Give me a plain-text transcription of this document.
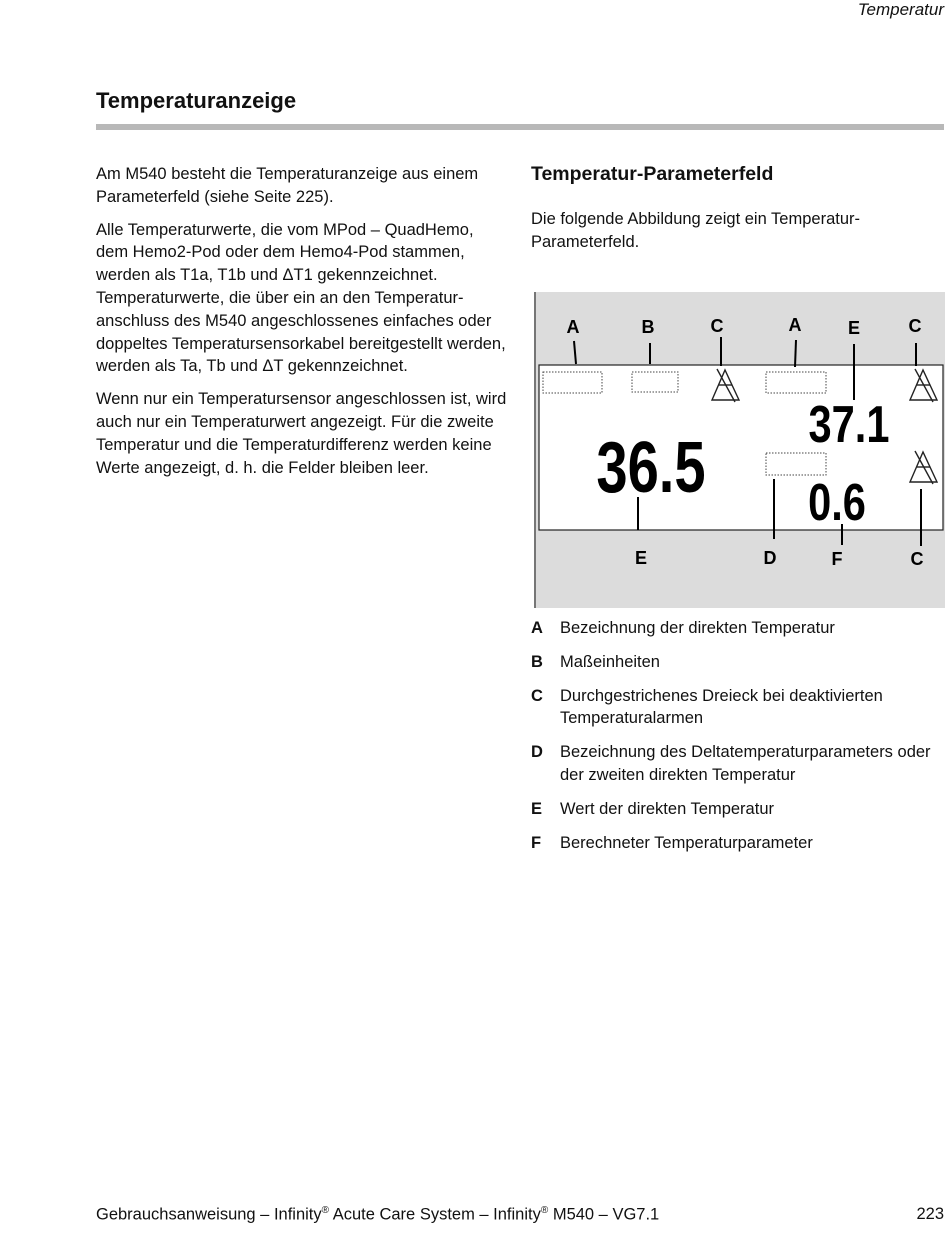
Temperatur
Temperaturanzeige

Am M540 besteht die Temperaturanzeige aus einem Parameterfeld (siehe Seite 225).

Alle Temperaturwerte, die vom MPod – QuadHemo, dem Hemo2-Pod oder dem Hemo4-Pod stammen, werden als T1a, T1b und ΔT1 gekennzeichnet. Temperaturwerte, die über ein an den Temperaturanschluss des M540 angeschlossenes einfaches oder doppeltes Temperatursensorkabel bereitgestellt werden, werden als Ta, Tb und ΔT gekennzeichnet.

Wenn nur ein Temperatursensor angeschlossen ist, wird auch nur ein Temperaturwert angezeigt. Für die zweite Temperatur und die Temperaturdifferenz werden keine Werte angezeigt, d. h. die Felder bleiben leer.

Temperatur-Parameterfeld

Die folgende Abbildung zeigt ein Temperatur-Parameterfeld.

36.5
37.1
0.6
A	B	C	A	E	C
E	D	F	C
A	Bezeichnung der direkten Temperatur
B	Maßeinheiten
C	Durchgestrichenes Dreieck bei deaktivierten Temperaturalarmen
D	Bezeichnung des Deltatemperaturparameters oder der zweiten direkten Temperatur
E	Wert der direkten Temperatur
F	Berechneter Temperaturparameter
Gebrauchsanweisung – Infinity® Acute Care System – Infinity® M540 – VG7.1	223
